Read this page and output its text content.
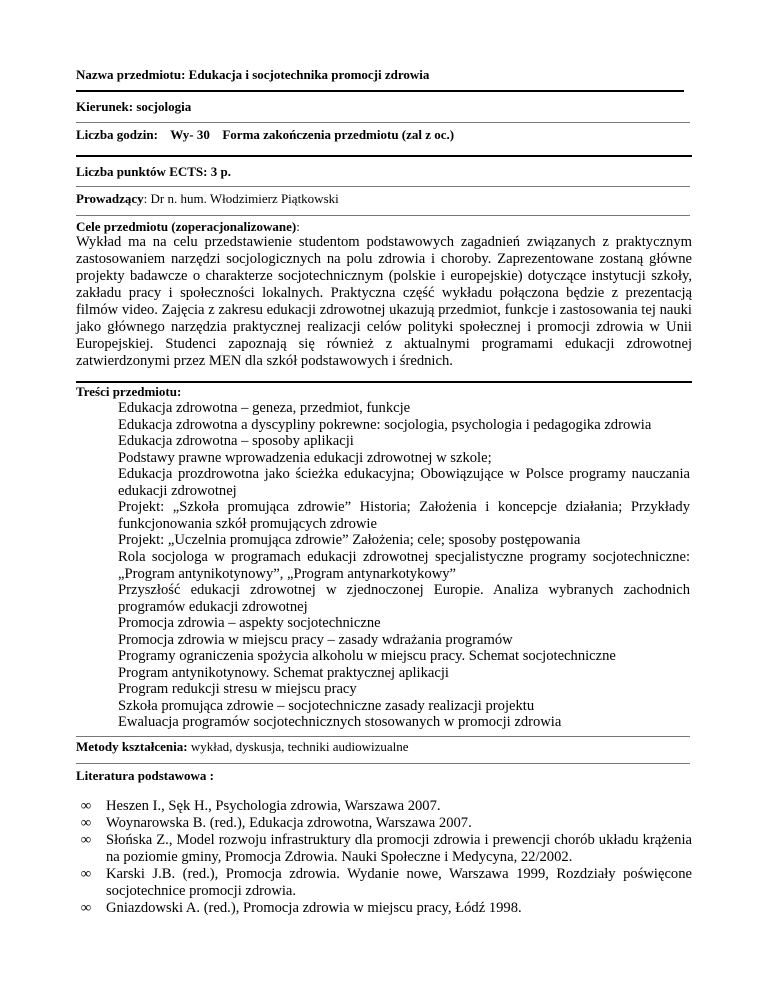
Nazwa przedmiotu: Edukacja i socjotechnika promocji zdrowia
Kierunek: socjologia
Liczba godzin: Wy- 30 Forma zakończenia przedmiotu (zal z oc.)
Liczba punktów ECTS: 3 p.
Prowadzący: Dr n. hum. Włodzimierz Piątkowski
Cele przedmiotu (zoperacjonalizowane):
Wykład ma na celu przedstawienie studentom podstawowych zagadnień związanych z praktycznym zastosowaniem narzędzi socjologicznych na polu zdrowia i choroby. Zaprezentowane zostaną główne projekty badawcze o charakterze socjotechnicznym (polskie i europejskie) dotyczące instytucji szkoły, zakładu pracy i społeczności lokalnych. Praktyczna część wykładu połączona będzie z prezentacją filmów video. Zajęcia z zakresu edukacji zdrowotnej ukazują przedmiot, funkcje i zastosowania tej nauki jako głównego narzędzia praktycznej realizacji celów polityki społecznej i promocji zdrowia w Unii Europejskiej. Studenci zapoznają się również z aktualnymi programami edukacji zdrowotnej zatwierdzonymi przez MEN dla szkół podstawowych i średnich.
Treści przedmiotu:
Edukacja zdrowotna – geneza, przedmiot, funkcje
Edukacja zdrowotna a dyscypliny pokrewne: socjologia, psychologia i pedagogika zdrowia
Edukacja zdrowotna – sposoby aplikacji
Podstawy prawne wprowadzenia edukacji zdrowotnej w szkole;
Edukacja prozdrowotna jako ścieżka edukacyjna; Obowiązujące w Polsce programy nauczania edukacji zdrowotnej
Projekt: „Szkoła promująca zdrowie” Historia; Założenia i koncepcje działania; Przykłady funkcjonowania szkół promujących zdrowie
Projekt: „Uczelnia promująca zdrowie” Założenia; cele; sposoby postępowania
Rola socjologa w programach edukacji zdrowotnej specjalistyczne programy socjotechniczne: „Program antynikotynowy”, „Program antynarkotykowy”
Przyszłość edukacji zdrowotnej w zjednoczonej Europie. Analiza wybranych zachodnich programów edukacji zdrowotnej
Promocja zdrowia – aspekty socjotechniczne
Promocja zdrowia w miejscu pracy – zasady wdrażania programów
Programy ograniczenia spożycia alkoholu w miejscu pracy. Schemat socjotechniczne
Program antynikotynowy. Schemat praktycznej aplikacji
Program redukcji stresu w miejscu pracy
Szkoła promująca zdrowie – socjotechniczne zasady realizacji projektu
Ewaluacja programów socjotechnicznych stosowanych w promocji zdrowia
Metody kształcenia: wykład, dyskusja, techniki audiowizualne
Literatura podstawowa :
∞	Heszen I., Sęk H., Psychologia zdrowia, Warszawa 2007.
∞	Woynarowska B. (red.), Edukacja zdrowotna, Warszawa 2007.
∞	Słońska Z., Model rozwoju infrastruktury dla promocji zdrowia i prewencji chorób układu krążenia na poziomie gminy, Promocja Zdrowia. Nauki Społeczne i Medycyna, 22/2002.
∞	Karski J.B. (red.), Promocja zdrowia. Wydanie nowe, Warszawa 1999, Rozdziały poświęcone socjotechnice promocji zdrowia.
∞	Gniazdowski A. (red.), Promocja zdrowia w miejscu pracy, Łódź 1998.
